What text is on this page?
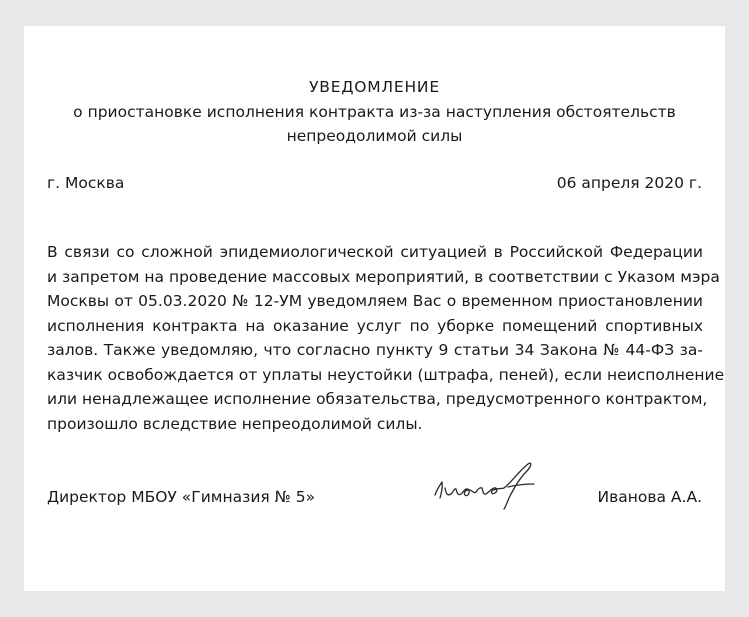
УВЕДОМЛЕНИЕ
о приостановке исполнения контракта из-за наступления обстоятельств
непреодолимой силы
г. Москва	06 апреля 2020 г.
В связи со сложной эпидемиологической ситуацией в Российской Федерации
и запретом на проведение массовых мероприятий, в соответствии с Указом мэра
Москвы от 05.03.2020 № 12-УМ уведомляем Вас о временном приостановлении
исполнения контракта на оказание услуг по уборке помещений спортивных
залов. Также уведомляю, что согласно пункту 9 статьи 34 Закона № 44-ФЗ за-
казчик освобождается от уплаты неустойки (штрафа, пеней), если неисполнение
или ненадлежащее исполнение обязательства, предусмотренного контрактом,
произошло вследствие непреодолимой силы.
Директор МБОУ «Гимназия № 5»	Иванова А.А.
